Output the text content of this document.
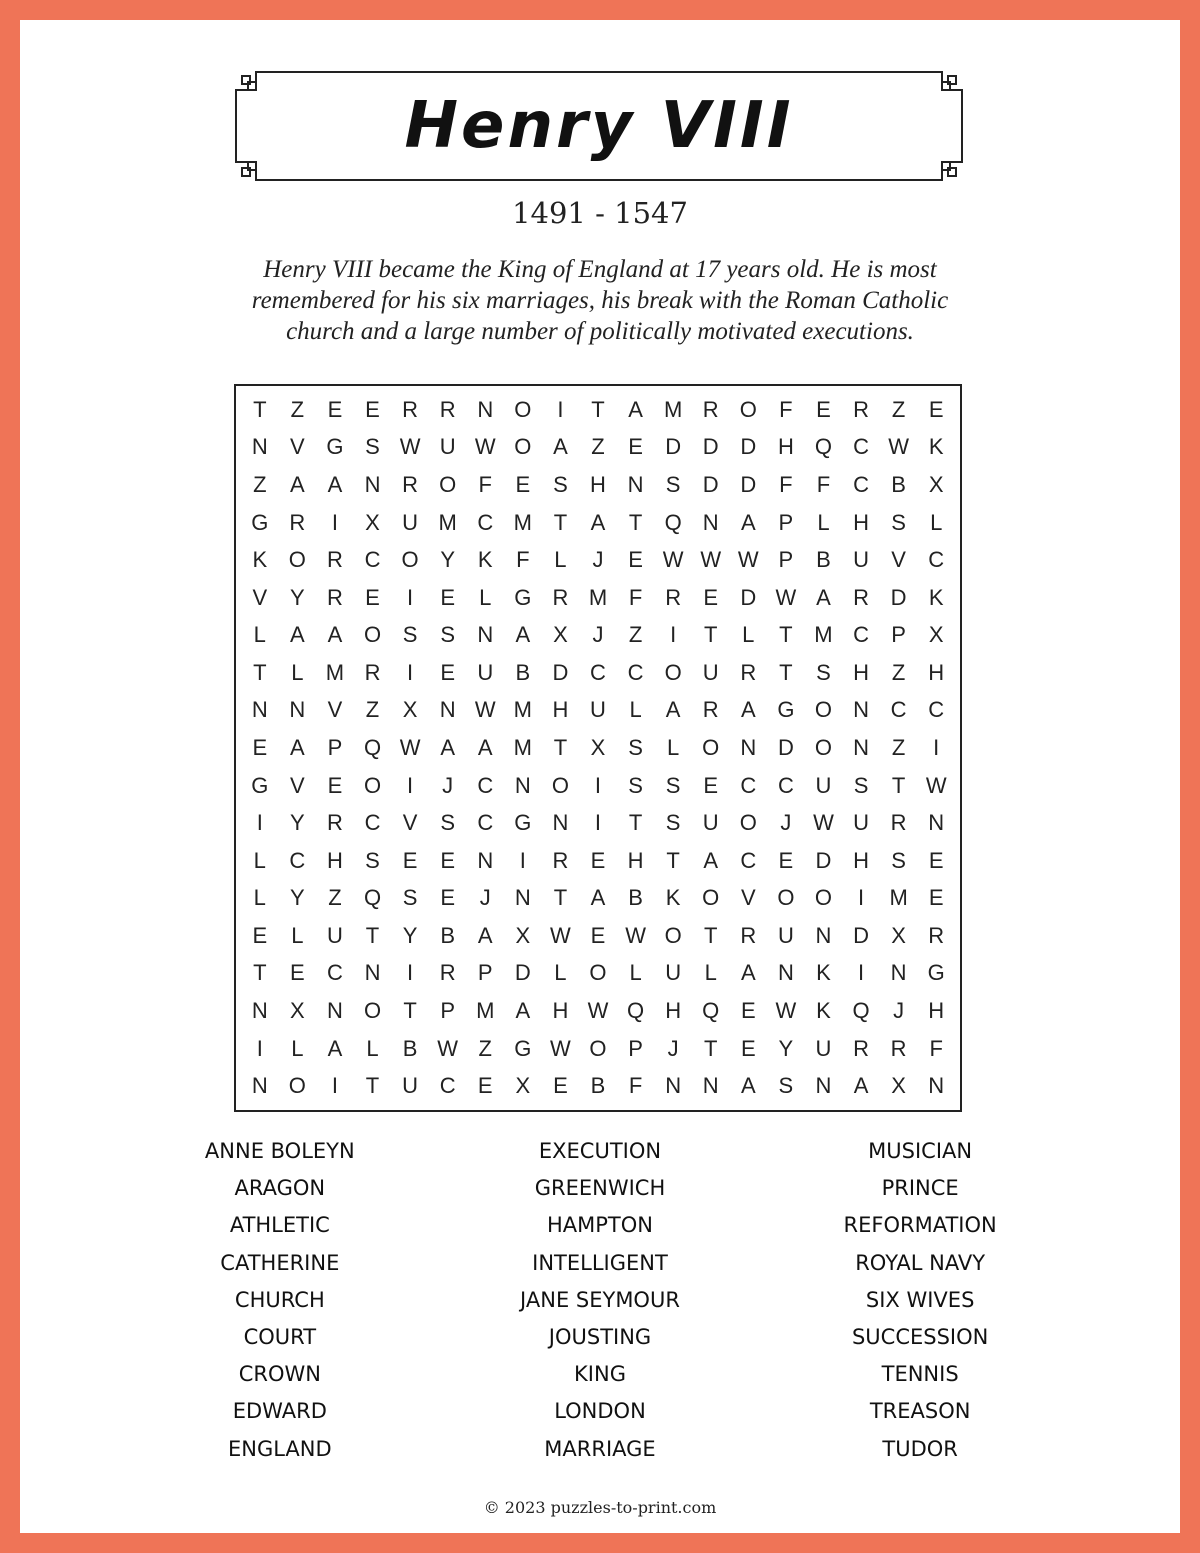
Henry VIII
1491 - 1547
Henry VIII became the King of England at 17 years old. He is most
remembered for his six marriages, his break with the Roman Catholic
church and a large number of politically motivated executions.
T	Z	E	E	R R N O	I	T	A M R O	F	E	R	Z	E
N	V G S W U W O A	Z	E	D D D H Q C W K
Z	A	A	N R O	F	E	S	H N	S	D D	F	F	C	B	X
G R	I	X	U M C M T	A	T	Q N	A	P	L	H	S	L
K O R C O Y	K	F	L	J	E W W W P	B	U	V	C
V	Y	R	E	I	E	L	G R M F	R	E	D W A	R D	K
L	A	A O S	S	N	A	X	J	Z	I	T	L	T M C	P	X
T	L	M R	I	E	U	B	D C C O U R	T	S	H	Z	H
N N	V	Z	X	N W M H U	L	A	R	A G O N C C
E	A	P Q W A	A M T	X	S	L	O N D O N	Z	I
G V	E O	I	J	C N O	I	S	S	E	C C U	S	T W
I	Y	R C	V	S	C G N	I	T	S	U O	J W U R N
L	C H	S	E	E	N	I	R	E	H	T	A	C	E	D H	S	E
L	Y	Z	Q S	E	J	N	T	A	B	K O V O O	I	M E
E	L	U	T	Y	B	A	X W E W O	T	R U N D	X	R
T	E	C N	I	R	P	D	L	O	L	U	L	A	N	K	I	N G
N	X	N O	T	P M A	H W Q H Q E W K Q	J	H
I	L	A	L	B W Z	G W O P	J	T	E	Y	U R R	F
N O	I	T	U C	E	X	E	B	F	N N	A	S	N	A	X	N
ANNE BOLEYN
ARAGON
ATHLETIC
CATHERINE
CHURCH
COURT
CROWN
EDWARD
ENGLAND
EXECUTION
GREENWICH
HAMPTON
INTELLIGENT
JANE SEYMOUR
JOUSTING
KING
LONDON
MARRIAGE
MUSICIAN
PRINCE
REFORMATION
ROYAL NAVY
SIX WIVES
SUCCESSION
TENNIS
TREASON
TUDOR
© 2023 puzzles-to-print.com
